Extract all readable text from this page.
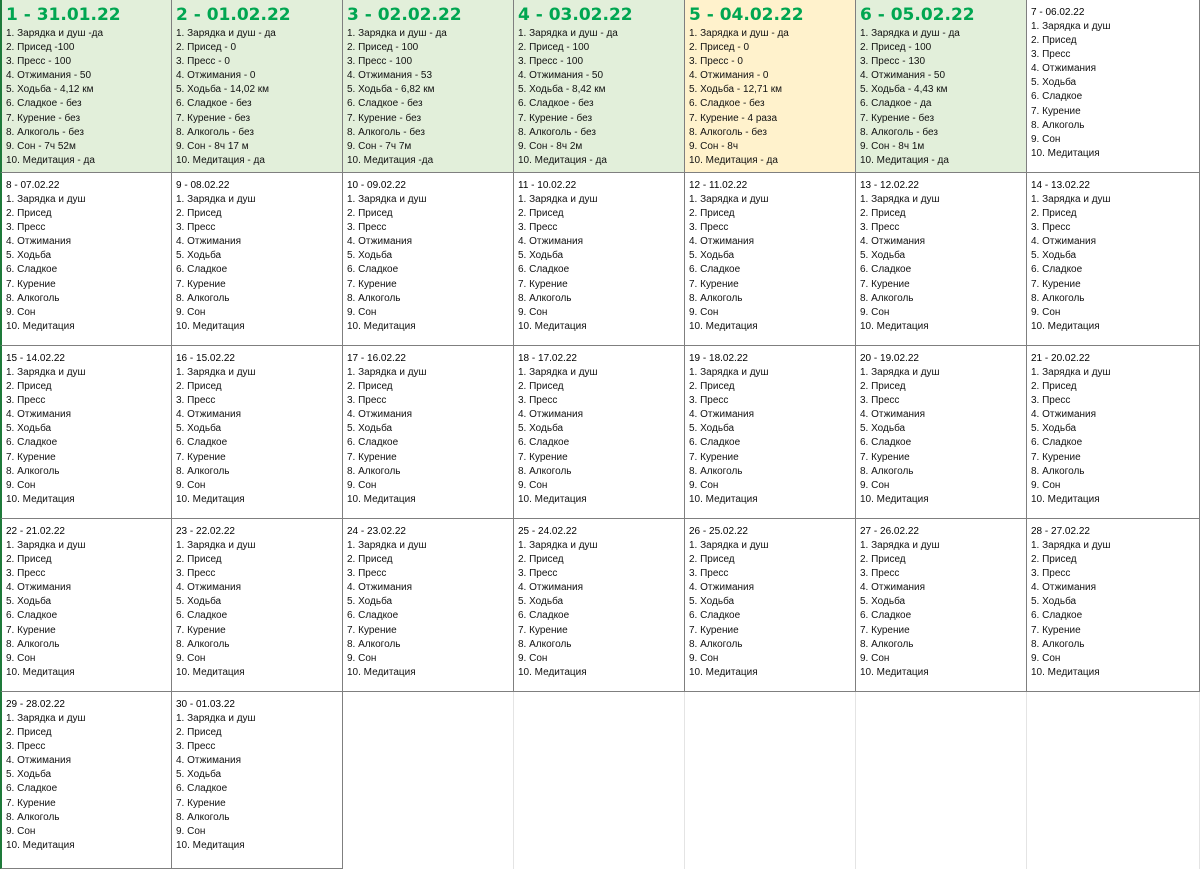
1 - 31.01.22
1. Зарядка и душ -да
2. Присед -100
3. Пресс - 100
4. Отжимания - 50
5. Ходьба - 4,12 км
6. Сладкое - без
7. Курение - без
8. Алкоголь - без
9. Сон - 7ч 52м
10. Медитация - да
2 - 01.02.22
1. Зарядка и душ - да
2. Присед - 0
3. Пресс - 0
4. Отжимания - 0
5. Ходьба - 14,02 км
6. Сладкое - без
7. Курение - без
8. Алкоголь - без
9. Сон - 8ч 17 м
10. Медитация - да
3 - 02.02.22
1. Зарядка и душ - да
2. Присед - 100
3. Пресс - 100
4. Отжимания - 53
5. Ходьба - 6,82 км
6. Сладкое - без
7. Курение - без
8. Алкоголь - без
9. Сон - 7ч 7м
10. Медитация -да
4 - 03.02.22
1. Зарядка и душ - да
2. Присед - 100
3. Пресс - 100
4. Отжимания - 50
5. Ходьба - 8,42 км
6. Сладкое - без
7. Курение - без
8. Алкоголь - без
9. Сон - 8ч 2м
10. Медитация - да
5 - 04.02.22
1. Зарядка и душ - да
2. Присед - 0
3. Пресс - 0
4. Отжимания - 0
5. Ходьба - 12,71 км
6. Сладкое - без
7. Курение - 4 раза
8. Алкоголь - без
9. Сон - 8ч
10. Медитация - да
6 - 05.02.22
1. Зарядка и душ - да
2. Присед - 100
3. Пресс - 130
4. Отжимания - 50
5. Ходьба - 4,43 км
6. Сладкое - да
7. Курение - без
8. Алкоголь - без
9. Сон - 8ч 1м
10. Медитация - да
7 - 06.02.22
1. Зарядка и душ
2. Присед
3. Пресс
4. Отжимания
5. Ходьба
6. Сладкое
7. Курение
8. Алкоголь
9. Сон
10. Медитация
8 - 07.02.22
1. Зарядка и душ
2. Присед
3. Пресс
4. Отжимания
5. Ходьба
6. Сладкое
7. Курение
8. Алкоголь
9. Сон
10. Медитация
9 - 08.02.22
1. Зарядка и душ
2. Присед
3. Пресс
4. Отжимания
5. Ходьба
6. Сладкое
7. Курение
8. Алкоголь
9. Сон
10. Медитация
10 - 09.02.22
1. Зарядка и душ
2. Присед
3. Пресс
4. Отжимания
5. Ходьба
6. Сладкое
7. Курение
8. Алкоголь
9. Сон
10. Медитация
11 - 10.02.22
1. Зарядка и душ
2. Присед
3. Пресс
4. Отжимания
5. Ходьба
6. Сладкое
7. Курение
8. Алкоголь
9. Сон
10. Медитация
12 - 11.02.22
1. Зарядка и душ
2. Присед
3. Пресс
4. Отжимания
5. Ходьба
6. Сладкое
7. Курение
8. Алкоголь
9. Сон
10. Медитация
13 - 12.02.22
1. Зарядка и душ
2. Присед
3. Пресс
4. Отжимания
5. Ходьба
6. Сладкое
7. Курение
8. Алкоголь
9. Сон
10. Медитация
14 - 13.02.22
1. Зарядка и душ
2. Присед
3. Пресс
4. Отжимания
5. Ходьба
6. Сладкое
7. Курение
8. Алкоголь
9. Сон
10. Медитация
15 - 14.02.22
1. Зарядка и душ
2. Присед
3. Пресс
4. Отжимания
5. Ходьба
6. Сладкое
7. Курение
8. Алкоголь
9. Сон
10. Медитация
16 - 15.02.22
1. Зарядка и душ
2. Присед
3. Пресс
4. Отжимания
5. Ходьба
6. Сладкое
7. Курение
8. Алкоголь
9. Сон
10. Медитация
17 - 16.02.22
1. Зарядка и душ
2. Присед
3. Пресс
4. Отжимания
5. Ходьба
6. Сладкое
7. Курение
8. Алкоголь
9. Сон
10. Медитация
18 - 17.02.22
1. Зарядка и душ
2. Присед
3. Пресс
4. Отжимания
5. Ходьба
6. Сладкое
7. Курение
8. Алкоголь
9. Сон
10. Медитация
19 - 18.02.22
1. Зарядка и душ
2. Присед
3. Пресс
4. Отжимания
5. Ходьба
6. Сладкое
7. Курение
8. Алкоголь
9. Сон
10. Медитация
20 - 19.02.22
1. Зарядка и душ
2. Присед
3. Пресс
4. Отжимания
5. Ходьба
6. Сладкое
7. Курение
8. Алкоголь
9. Сон
10. Медитация
21 - 20.02.22
1. Зарядка и душ
2. Присед
3. Пресс
4. Отжимания
5. Ходьба
6. Сладкое
7. Курение
8. Алкоголь
9. Сон
10. Медитация
22 - 21.02.22
1. Зарядка и душ
2. Присед
3. Пресс
4. Отжимания
5. Ходьба
6. Сладкое
7. Курение
8. Алкоголь
9. Сон
10. Медитация
23 - 22.02.22
1. Зарядка и душ
2. Присед
3. Пресс
4. Отжимания
5. Ходьба
6. Сладкое
7. Курение
8. Алкоголь
9. Сон
10. Медитация
24 - 23.02.22
1. Зарядка и душ
2. Присед
3. Пресс
4. Отжимания
5. Ходьба
6. Сладкое
7. Курение
8. Алкоголь
9. Сон
10. Медитация
25 - 24.02.22
1. Зарядка и душ
2. Присед
3. Пресс
4. Отжимания
5. Ходьба
6. Сладкое
7. Курение
8. Алкоголь
9. Сон
10. Медитация
26 - 25.02.22
1. Зарядка и душ
2. Присед
3. Пресс
4. Отжимания
5. Ходьба
6. Сладкое
7. Курение
8. Алкоголь
9. Сон
10. Медитация
27 - 26.02.22
1. Зарядка и душ
2. Присед
3. Пресс
4. Отжимания
5. Ходьба
6. Сладкое
7. Курение
8. Алкоголь
9. Сон
10. Медитация
28 - 27.02.22
1. Зарядка и душ
2. Присед
3. Пресс
4. Отжимания
5. Ходьба
6. Сладкое
7. Курение
8. Алкоголь
9. Сон
10. Медитация
29 - 28.02.22
1. Зарядка и душ
2. Присед
3. Пресс
4. Отжимания
5. Ходьба
6. Сладкое
7. Курение
8. Алкоголь
9. Сон
10. Медитация
30 - 01.03.22
1. Зарядка и душ
2. Присед
3. Пресс
4. Отжимания
5. Ходьба
6. Сладкое
7. Курение
8. Алкоголь
9. Сон
10. Медитация
